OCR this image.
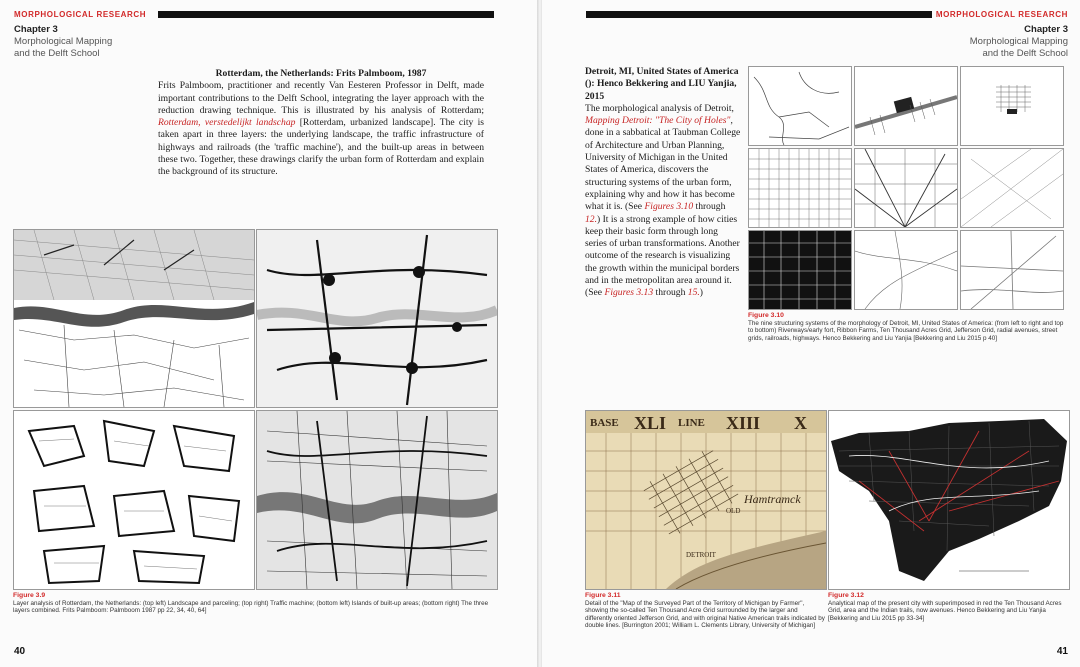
MORPHOLOGICAL RESEARCH
Chapter 3
Morphological Mapping
and the Delft School
Rotterdam, the Netherlands: Frits Palmboom, 1987
Frits Palmboom, practitioner and recently Van Eesteren Professor in Delft, made important contributions to the Delft School, integrating the layer approach with the reduction drawing technique. This is illustrated by his analysis of Rotterdam; Rotterdam, verstedelijkt landschap [Rotterdam, urbanized landscape]. The city is taken apart in three layers: the underlying landscape, the traffic infrastructure of highways and railroads (the 'traffic machine'), and the built-up areas in between these two. Together, these drawings clarify the urban form of Rotterdam and explain the background of its structure.
Figure 3.9
Layer analysis of Rotterdam, the Netherlands: (top left) Landscape and parceling; (top right) Traffic machine; (bottom left) Islands of built-up areas; (bottom right) The three layers combined. Frits Palmboom: Palmboom 1987 pp 22, 34, 40, 64]
40
MORPHOLOGICAL RESEARCH
Chapter 3
Morphological Mapping
and the Delft School
Detroit, MI, United States of America (): Henco Bekkering and LIU Yanjia, 2015
The morphological analysis of Detroit, Mapping Detroit: "The City of Holes", done in a sabbatical at Taubman College of Architecture and Urban Planning, University of Michigan in the United States of America, discovers the structuring systems of the urban form, explaining why and how it has become what it is. (See Figures 3.10 through 12.) It is a strong example of how cities keep their basic form through long series of urban transformations. Another outcome of the research is visualizing the growth within the municipal borders and in the metropolitan area around it. (See Figures 3.13 through 15.)
Figure 3.10
The nine structuring systems of the morphology of Detroit, MI, United States of America: (from left to right and top to bottom) Riverways/early fort, Ribbon Farms, Ten Thousand Acres Grid, Jefferson Grid, radial avenues, street grids, railroads, highways. Henco Bekkering and Liu Yanjia [Bekkering and Liu 2015 p 40]
BASE XLI LINE XIII X
Hamtramck
DETROIT
OLD
Figure 3.11
Detail of the "Map of the Surveyed Part of the Territory of Michigan by Farmer", showing the so-called Ten Thousand Acre Grid surrounded by the larger and differently oriented Jefferson Grid, and with original Native American trails indicated by double lines. [Burrington 2001; William L. Clements Library, University of Michigan]
Figure 3.12
Analytical map of the present city with superimposed in red the Ten Thousand Acres Grid, area and the Indian trails, now avenues. Henco Bekkering and Liu Yanjia [Bekkering and Liu 2015 pp 33-34]
41
